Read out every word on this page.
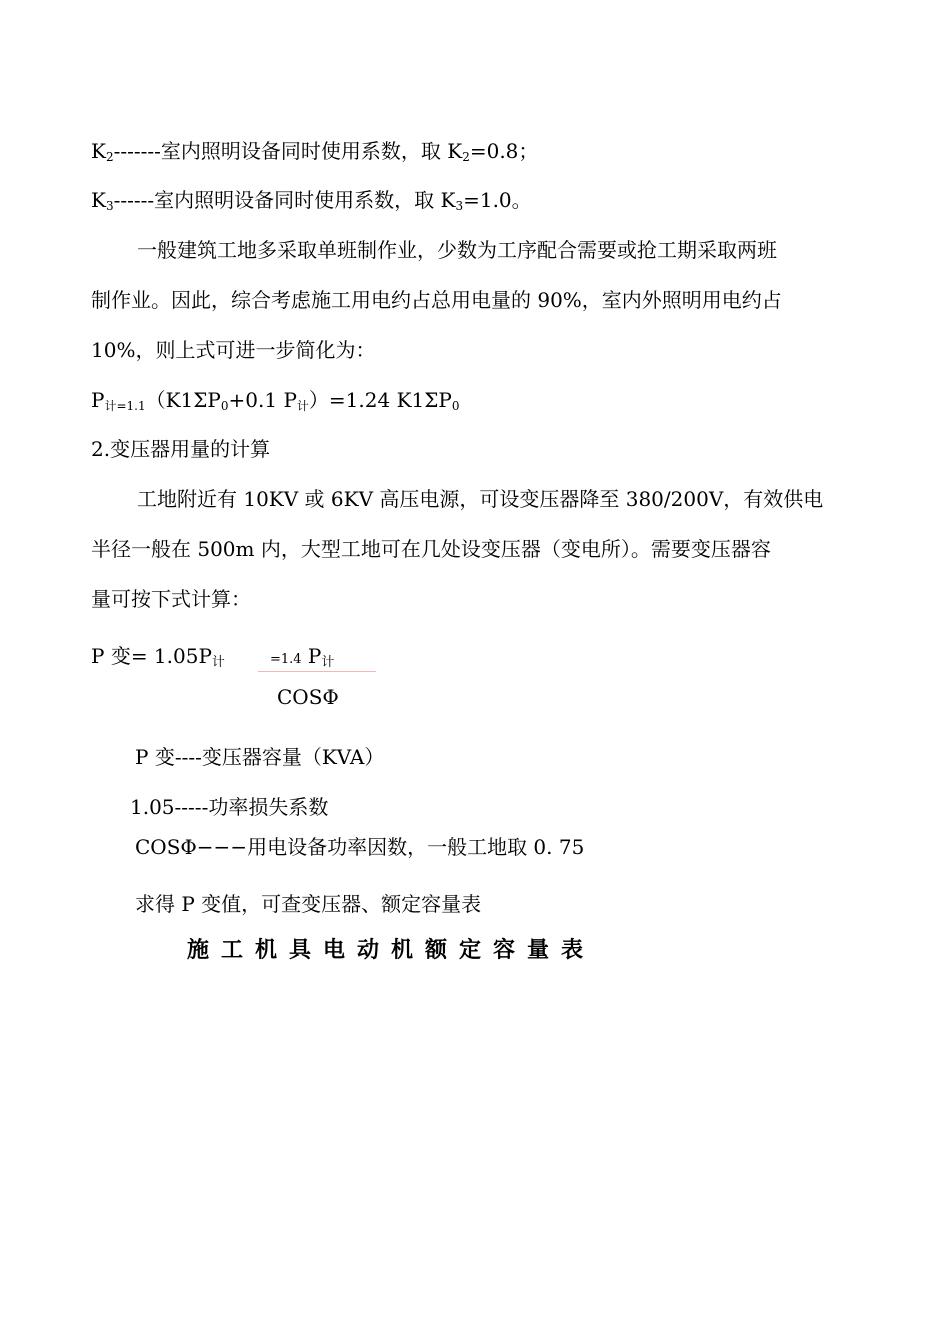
$K_2-------$室内照明设备同时使用系数，取 $K_2=0.8$；
$K_3------$室内照明设备同时使用系数，取 $K_3=1.0$。
一般建筑工地多采取单班制作业，少数为工序配合需要或抢工期采取两班
制作业。因此，综合考虑施工用电约占总用电量的 90%，室内外照明用电约占
10%，则上式可进一步简化为：
$P_{计=1.1}(K1\Sigma P_0+0.1$ $P_计)=1.24$ $K1\Sigma P_0$
2.变压器用量的计算
工地附近有 10KV 或 6KV 高压电源，可设变压器降至 380/200V，有效供电
半径一般在 500m 内，大型工地可在几处设变压器（变电所）。需要变压器容
量可按下式计算：
P 变= $1.05P_计$	=1.4 $P_计$
COSΦ
P 变----变压器容量（KVA）
1.05-----功率损失系数
COSΦ−−−用电设备功率因数，一般工地取 0. 75
求得 P 变值，可查变压器、额定容量表
施工机具电动机额定容量表
